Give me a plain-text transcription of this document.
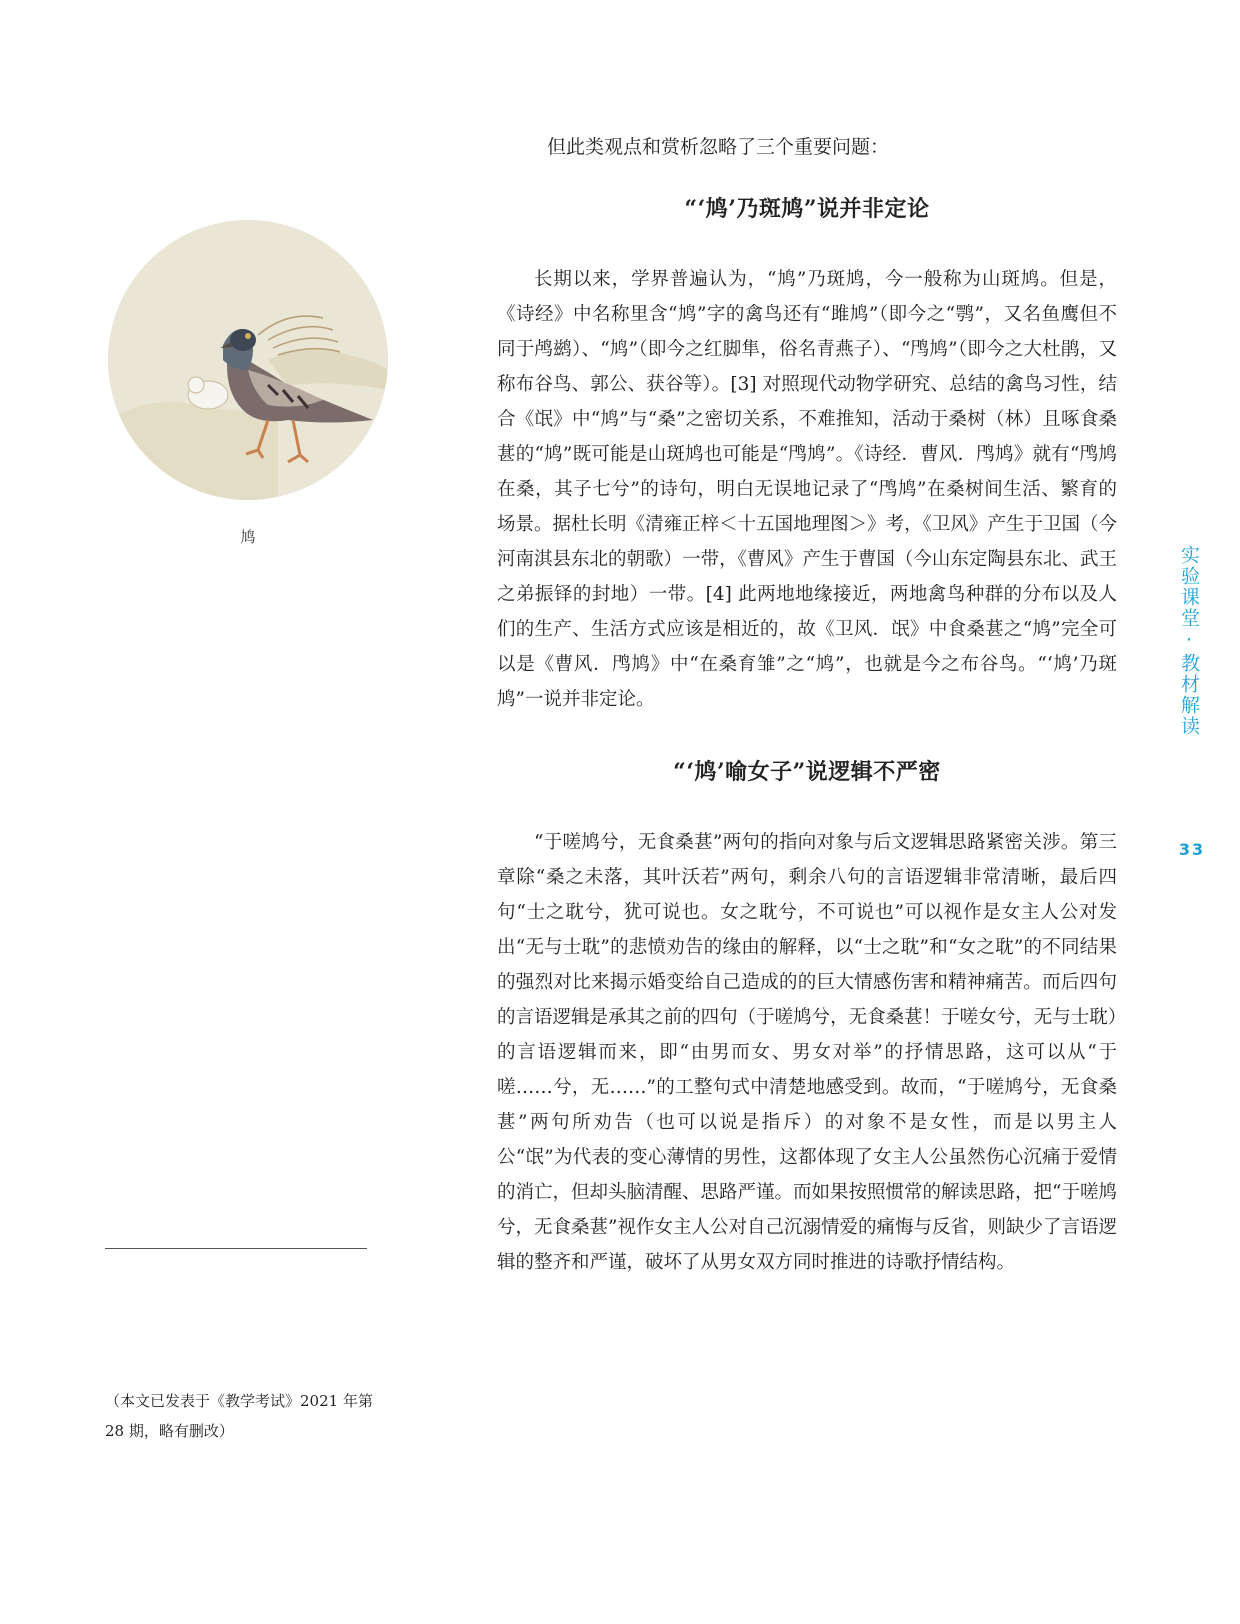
鸠
（本文已发表于《教学考试》2021 年第 28 期，略有删改）

但此类观点和赏析忽略了三个重要问题：

“‘鸠’乃斑鸠”说并非定论

长期以来，学界普遍认为，“鸠”乃斑鸠，今一般称为山斑鸠。但是，《诗经》中名称里含“鸠”字的禽鸟还有“雎鸠”（即今之“鹗”，又名鱼鹰但不同于鸬鹚）、“鸠”（即今之红脚隼，俗名青燕子）、“鸤鸠”（即今之大杜鹃，又称布谷鸟、郭公、获谷等）。[3] 对照现代动物学研究、总结的禽鸟习性，结合《氓》中“鸠”与“桑”之密切关系，不难推知，活动于桑树（林）且啄食桑葚的“鸠”既可能是山斑鸠也可能是“鸤鸠”。《诗经．曹风．鸤鸠》就有“鸤鸠在桑，其子七兮”的诗句，明白无误地记录了“鸤鸠”在桑树间生活、繁育的场景。据杜长明《清雍正梓＜十五国地理图＞》考，《卫风》产生于卫国（今河南淇县东北的朝歌）一带，《曹风》产生于曹国（今山东定陶县东北、武王之弟振铎的封地）一带。[4] 此两地地缘接近，两地禽鸟种群的分布以及人们的生产、生活方式应该是相近的，故《卫风．氓》中食桑葚之“鸠”完全可以是《曹风．鸤鸠》中“在桑育雏”之“鸠”，也就是今之布谷鸟。“‘鸠’乃斑鸠”一说并非定论。

“‘鸠’喻女子”说逻辑不严密

“于嗟鸠兮，无食桑葚”两句的指向对象与后文逻辑思路紧密关涉。第三章除“桑之未落，其叶沃若”两句，剩余八句的言语逻辑非常清晰，最后四句“士之耽兮，犹可说也。女之耽兮，不可说也”可以视作是女主人公对发出“无与士耽”的悲愤劝告的缘由的解释，以“士之耽”和“女之耽”的不同结果的强烈对比来揭示婚变给自己造成的的巨大情感伤害和精神痛苦。而后四句的言语逻辑是承其之前的四句（于嗟鸠兮，无食桑葚！于嗟女兮，无与士耽）的言语逻辑而来，即“由男而女、男女对举”的抒情思路，这可以从“于嗟……兮，无……”的工整句式中清楚地感受到。故而，“于嗟鸠兮，无食桑葚”两句所劝告（也可以说是指斥）的对象不是女性，而是以男主人公“氓”为代表的变心薄情的男性，这都体现了女主人公虽然伤心沉痛于爱情的消亡，但却头脑清醒、思路严谨。而如果按照惯常的解读思路，把“于嗟鸠兮，无食桑葚”视作女主人公对自己沉溺情爱的痛悔与反省，则缺少了言语逻辑的整齐和严谨，破坏了从男女双方同时推进的诗歌抒情结构。

实验课堂·教材解读
33
